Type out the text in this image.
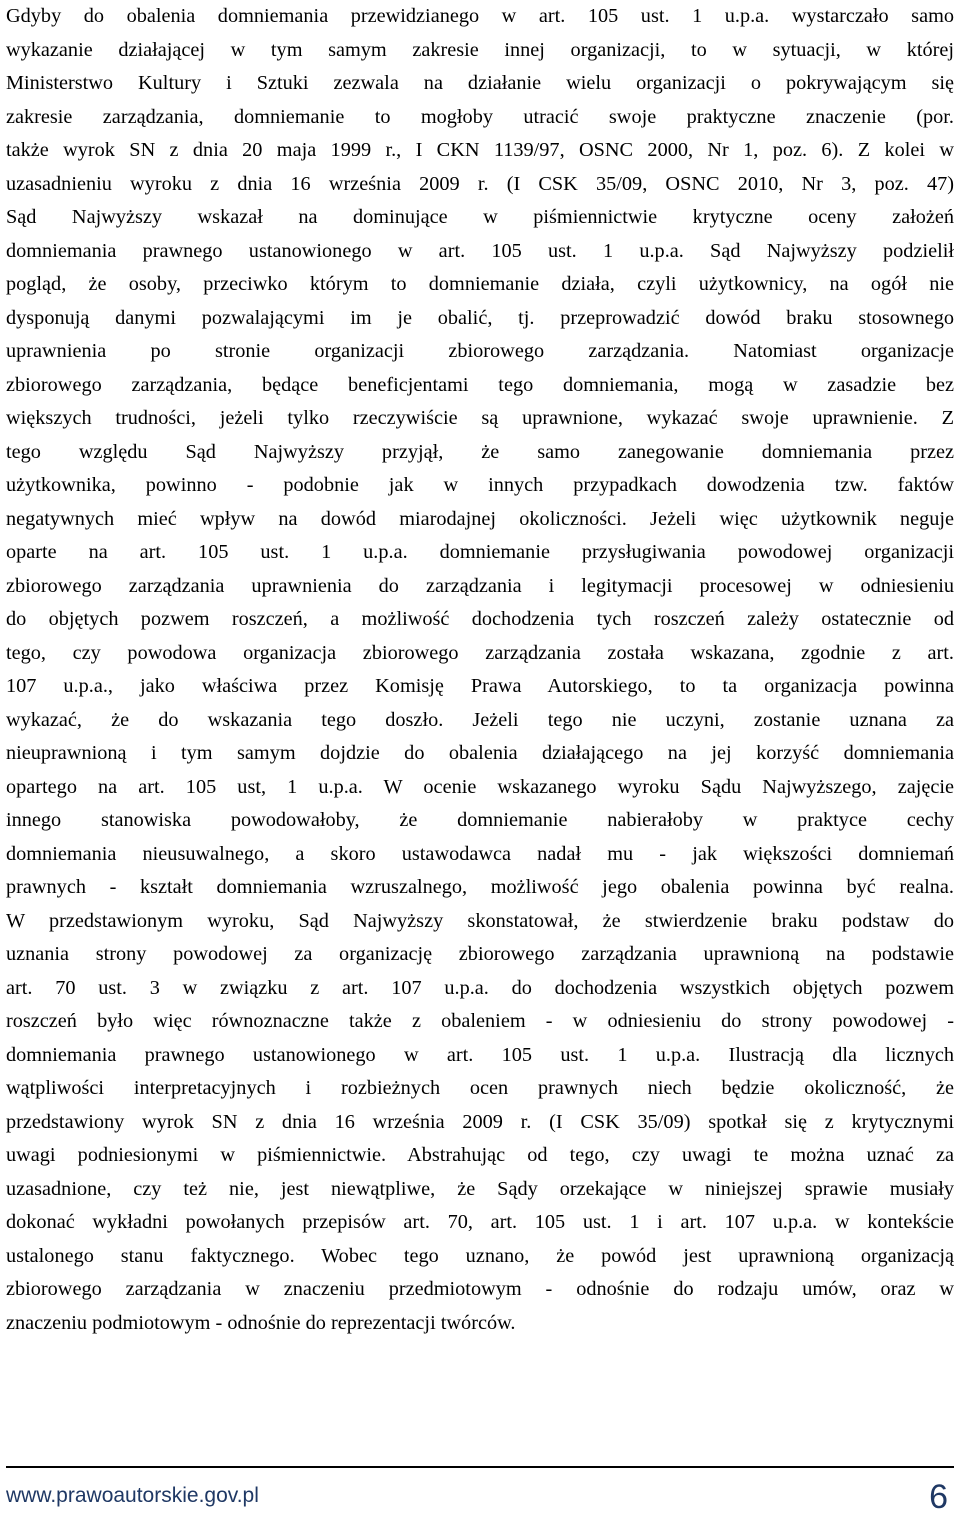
Gdyby do obalenia domniemania przewidzianego w art. 105 ust. 1 u.p.a. wystarczało samo
wykazanie działającej w tym samym zakresie innej organizacji, to w sytuacji, w której
Ministerstwo Kultury i Sztuki zezwala na działanie wielu organizacji o pokrywającym się
zakresie zarządzania, domniemanie to mogłoby utracić swoje praktyczne znaczenie (por.
także wyrok SN z dnia 20 maja 1999 r., I CKN 1139/97, OSNC 2000, Nr 1, poz. 6). Z kolei w
uzasadnieniu wyroku z dnia 16 września 2009 r. (I CSK 35/09, OSNC 2010, Nr 3, poz. 47)
Sąd Najwyższy wskazał na dominujące w piśmiennictwie krytyczne oceny założeń
domniemania prawnego ustanowionego w art. 105 ust. 1 u.p.a. Sąd Najwyższy podzielił
pogląd, że osoby, przeciwko którym to domniemanie działa, czyli użytkownicy, na ogół nie
dysponują danymi pozwalającymi im je obalić, tj. przeprowadzić dowód braku stosownego
uprawnienia po stronie organizacji zbiorowego zarządzania. Natomiast organizacje
zbiorowego zarządzania, będące beneficjentami tego domniemania, mogą w zasadzie bez
większych trudności, jeżeli tylko rzeczywiście są uprawnione, wykazać swoje uprawnienie. Z
tego względu Sąd Najwyższy przyjął, że samo zanegowanie domniemania przez
użytkownika, powinno - podobnie jak w innych przypadkach dowodzenia tzw. faktów
negatywnych mieć wpływ na dowód miarodajnej okoliczności. Jeżeli więc użytkownik neguje
oparte na art. 105 ust. 1 u.p.a. domniemanie przysługiwania powodowej organizacji
zbiorowego zarządzania uprawnienia do zarządzania i legitymacji procesowej w odniesieniu
do objętych pozwem roszczeń, a możliwość dochodzenia tych roszczeń zależy ostatecznie od
tego, czy powodowa organizacja zbiorowego zarządzania została wskazana, zgodnie z art.
107 u.p.a., jako właściwa przez Komisję Prawa Autorskiego, to ta organizacja powinna
wykazać, że do wskazania tego doszło. Jeżeli tego nie uczyni, zostanie uznana za
nieuprawnioną i tym samym dojdzie do obalenia działającego na jej korzyść domniemania
opartego na art. 105 ust, 1 u.p.a. W ocenie wskazanego wyroku Sądu Najwyższego, zajęcie
innego stanowiska powodowałoby, że domniemanie nabierałoby w praktyce cechy
domniemania nieusuwalnego, a skoro ustawodawca nadał mu - jak większości domniemań
prawnych - kształt domniemania wzruszalnego, możliwość jego obalenia powinna być realna.
W przedstawionym wyroku, Sąd Najwyższy skonstatował, że stwierdzenie braku podstaw do
uznania strony powodowej za organizację zbiorowego zarządzania uprawnioną na podstawie
art. 70 ust. 3 w związku z art. 107 u.p.a. do dochodzenia wszystkich objętych pozwem
roszczeń było więc równoznaczne także z obaleniem - w odniesieniu do strony powodowej -
domniemania prawnego ustanowionego w art. 105 ust. 1 u.p.a. Ilustracją dla licznych
wątpliwości interpretacyjnych i rozbieżnych ocen prawnych niech będzie okoliczność, że
przedstawiony wyrok SN z dnia 16 września 2009 r. (I CSK 35/09) spotkał się z krytycznymi
uwagi podniesionymi w piśmiennictwie. Abstrahując od tego, czy uwagi te można uznać za
uzasadnione, czy też nie, jest niewątpliwe, że Sądy orzekające w niniejszej sprawie musiały
dokonać wykładni powołanych przepisów art. 70, art. 105 ust. 1 i art. 107 u.p.a. w kontekście
ustalonego stanu faktycznego. Wobec tego uznano, że powód jest uprawnioną organizacją
zbiorowego zarządzania w znaczeniu przedmiotowym - odnośnie do rodzaju umów, oraz w
znaczeniu podmiotowym - odnośnie do reprezentacji twórców.
www.prawoautorskie.gov.pl	6
